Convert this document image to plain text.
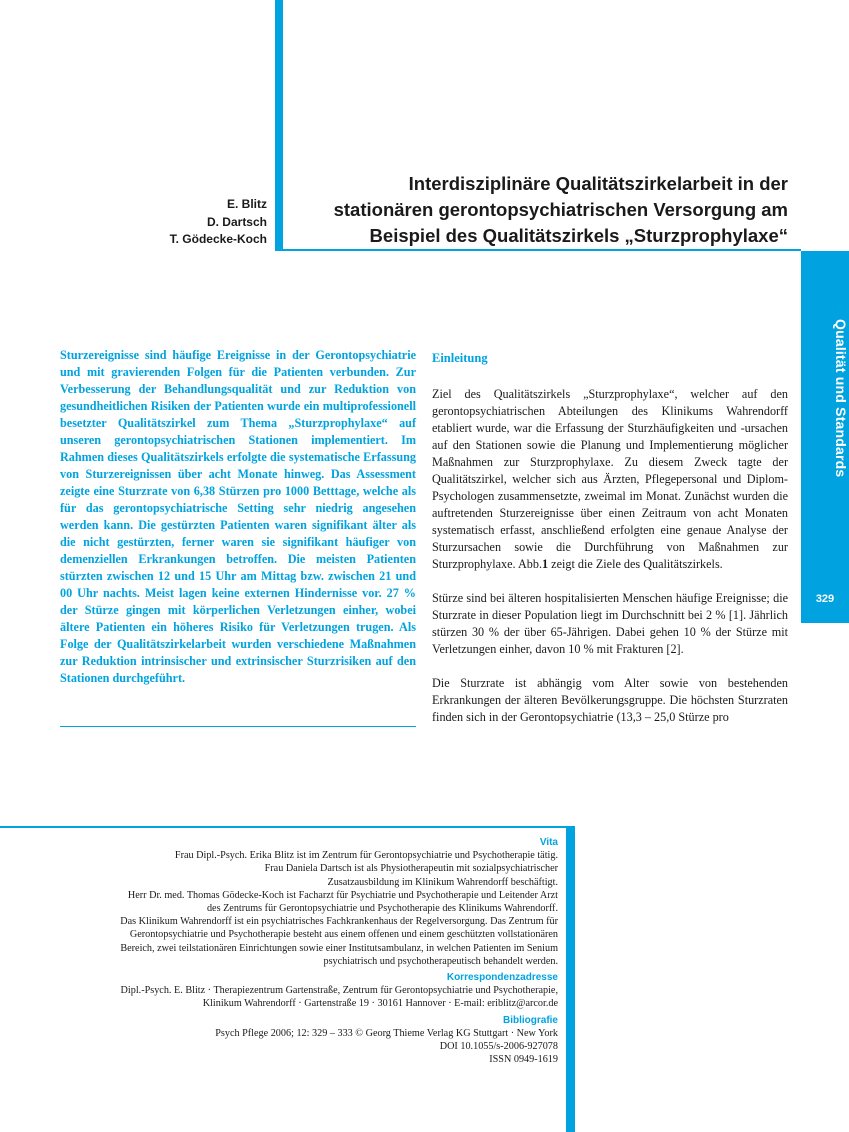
Qualität und Standards
329
E. Blitz
D. Dartsch
T. Gödecke-Koch
Interdisziplinäre Qualitätszirkelarbeit in der
stationären gerontopsychiatrischen Versorgung am
Beispiel des Qualitätszirkels „Sturzprophylaxe“
Sturzereignisse sind häufige Ereignisse in der Gerontopsychiatrie und mit gravierenden Folgen für die Patienten verbunden. Zur Verbesserung der Behandlungsqualität und zur Reduktion von gesundheitlichen Risiken der Patienten wurde ein multiprofessionell besetzter Qualitätszirkel zum Thema „Sturzprophylaxe“ auf unseren gerontopsychiatrischen Stationen implementiert. Im Rahmen dieses Qualitätszirkels erfolgte die systematische Erfassung von Sturzereignissen über acht Monate hinweg. Das Assessment zeigte eine Sturzrate von 6,38 Stürzen pro 1000 Betttage, welche als für das gerontopsychiatrische Setting sehr niedrig angesehen werden kann. Die gestürzten Patienten waren signifikant älter als die nicht gestürzten, ferner waren sie signifikant häufiger von demenziellen Erkrankungen betroffen. Die meisten Patienten stürzten zwischen 12 und 15 Uhr am Mittag bzw. zwischen 21 und 00 Uhr nachts. Meist lagen keine externen Hindernisse vor. 27 % der Stürze gingen mit körperlichen Verletzungen einher, wobei ältere Patienten ein höheres Risiko für Verletzungen trugen. Als Folge der Qualitätszirkelarbeit wurden verschiedene Maßnahmen zur Reduktion intrinsischer und extrinsischer Sturzrisiken auf den Stationen durchgeführt.
Einleitung

Ziel des Qualitätszirkels „Sturzprophylaxe“, welcher auf den gerontopsychiatrischen Abteilungen des Klinikums Wahrendorff etabliert wurde, war die Erfassung der Sturzhäufigkeiten und -ursachen auf den Stationen sowie die Planung und Implementierung möglicher Maßnahmen zur Sturzprophylaxe. Zu diesem Zweck tagte der Qualitätszirkel, welcher sich aus Ärzten, Pflegepersonal und Diplom-Psychologen zusammensetzte, zweimal im Monat. Zunächst wurden die auftretenden Sturzereignisse über einen Zeitraum von acht Monaten systematisch erfasst, anschließend erfolgten eine genaue Analyse der Sturzursachen sowie die Durchführung von Maßnahmen zur Sturzprophylaxe. Abb.1 zeigt die Ziele des Qualitätszirkels.

Stürze sind bei älteren hospitalisierten Menschen häufige Ereignisse; die Sturzrate in dieser Population liegt im Durchschnitt bei 2 % [1]. Jährlich stürzen 30 % der über 65-Jährigen. Dabei gehen 10 % der Stürze mit Verletzungen einher, davon 10 % mit Frakturen [2].

Die Sturzrate ist abhängig vom Alter sowie von bestehenden Erkrankungen der älteren Bevölkerungsgruppe. Die höchsten Sturzraten finden sich in der Gerontopsychiatrie (13,3 – 25,0 Stürze pro

Vita
Frau Dipl.-Psych. Erika Blitz ist im Zentrum für Gerontopsychiatrie und Psychotherapie tätig.
Frau Daniela Dartsch ist als Physiotherapeutin mit sozialpsychiatrischer
Zusatzausbildung im Klinikum Wahrendorff beschäftigt.
Herr Dr. med. Thomas Gödecke-Koch ist Facharzt für Psychiatrie und Psychotherapie und Leitender Arzt
des Zentrums für Gerontopsychiatrie und Psychotherapie des Klinikums Wahrendorff.
Das Klinikum Wahrendorff ist ein psychiatrisches Fachkrankenhaus der Regelversorgung. Das Zentrum für
Gerontopsychiatrie und Psychotherapie besteht aus einem offenen und einem geschützten vollstationären
Bereich, zwei teilstationären Einrichtungen sowie einer Institutsambulanz, in welchen Patienten im Senium
psychiatrisch und psychotherapeutisch behandelt werden.
Korrespondenzadresse
Dipl.-Psych. E. Blitz · Therapiezentrum Gartenstraße, Zentrum für Gerontopsychiatrie und Psychotherapie,
Klinikum Wahrendorff · Gartenstraße 19 · 30161 Hannover · E-mail: eriblitz@arcor.de
Bibliografie
Psych Pflege 2006; 12: 329 – 333 © Georg Thieme Verlag KG Stuttgart · New York
DOI 10.1055/s-2006-927078
ISSN 0949-1619
